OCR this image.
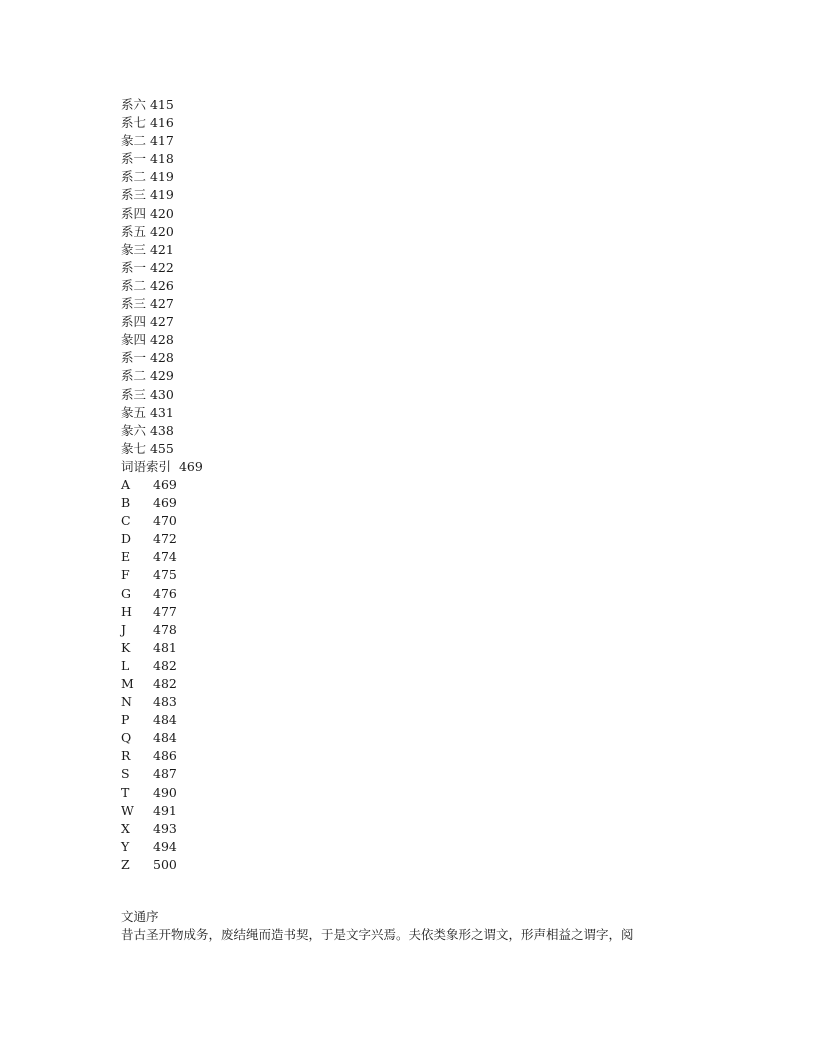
系六 415
系七 416
彖二 417
系一 418
系二 419
系三 419
系四 420
系五 420
彖三 421
系一 422
系二 426
系三 427
系四 427
彖四 428
系一 428
系二 429
系三 430
彖五 431
彖六 438
彖七 455
词语索引  469
A	469
B	469
C	470
D	472
E	474
F	475
G	476
H	477
J	478
K	481
L	482
M	482
N	483
P	484
Q	484
R	486
S	487
T	490
W	491
X	493
Y	494
Z	500
文通序
昔古圣开物成务，废结绳而造书契，于是文字兴焉。夫依类象形之谓文，形声相益之谓字，阅
